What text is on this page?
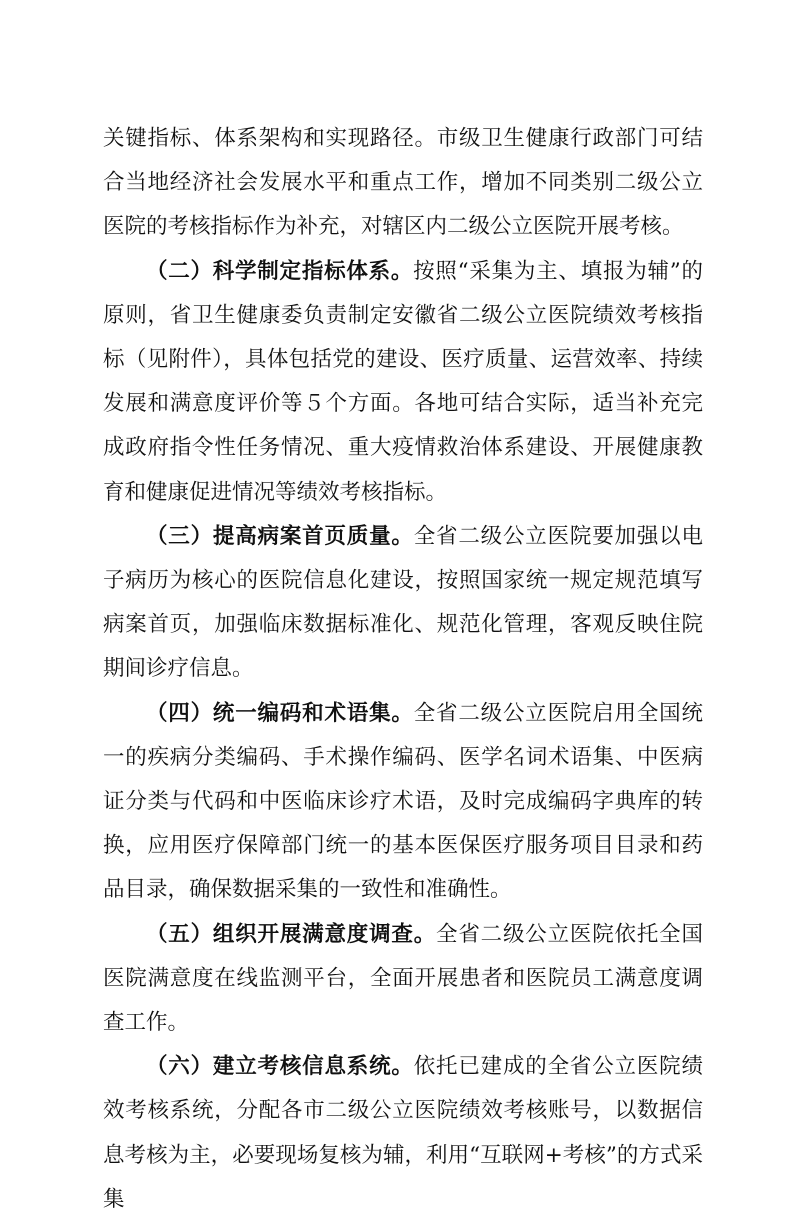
关键指标、体系架构和实现路径。市级卫生健康行政部门可结合当地经济社会发展水平和重点工作，增加不同类别二级公立医院的考核指标作为补充，对辖区内二级公立医院开展考核。

（二）科学制定指标体系。按照“采集为主、填报为辅”的原则，省卫生健康委负责制定安徽省二级公立医院绩效考核指标（见附件），具体包括党的建设、医疗质量、运营效率、持续发展和满意度评价等５个方面。各地可结合实际，适当补充完成政府指令性任务情况、重大疫情救治体系建设、开展健康教育和健康促进情况等绩效考核指标。

（三）提高病案首页质量。全省二级公立医院要加强以电子病历为核心的医院信息化建设，按照国家统一规定规范填写病案首页，加强临床数据标准化、规范化管理，客观反映住院期间诊疗信息。

（四）统一编码和术语集。全省二级公立医院启用全国统一的疾病分类编码、手术操作编码、医学名词术语集、中医病证分类与代码和中医临床诊疗术语，及时完成编码字典库的转换，应用医疗保障部门统一的基本医保医疗服务项目目录和药品目录，确保数据采集的一致性和准确性。

（五）组织开展满意度调查。全省二级公立医院依托全国医院满意度在线监测平台，全面开展患者和医院员工满意度调查工作。

（六）建立考核信息系统。依托已建成的全省公立医院绩效考核系统，分配各市二级公立医院绩效考核账号，以数据信息考核为主，必要现场复核为辅，利用“互联网+考核”的方式采集
